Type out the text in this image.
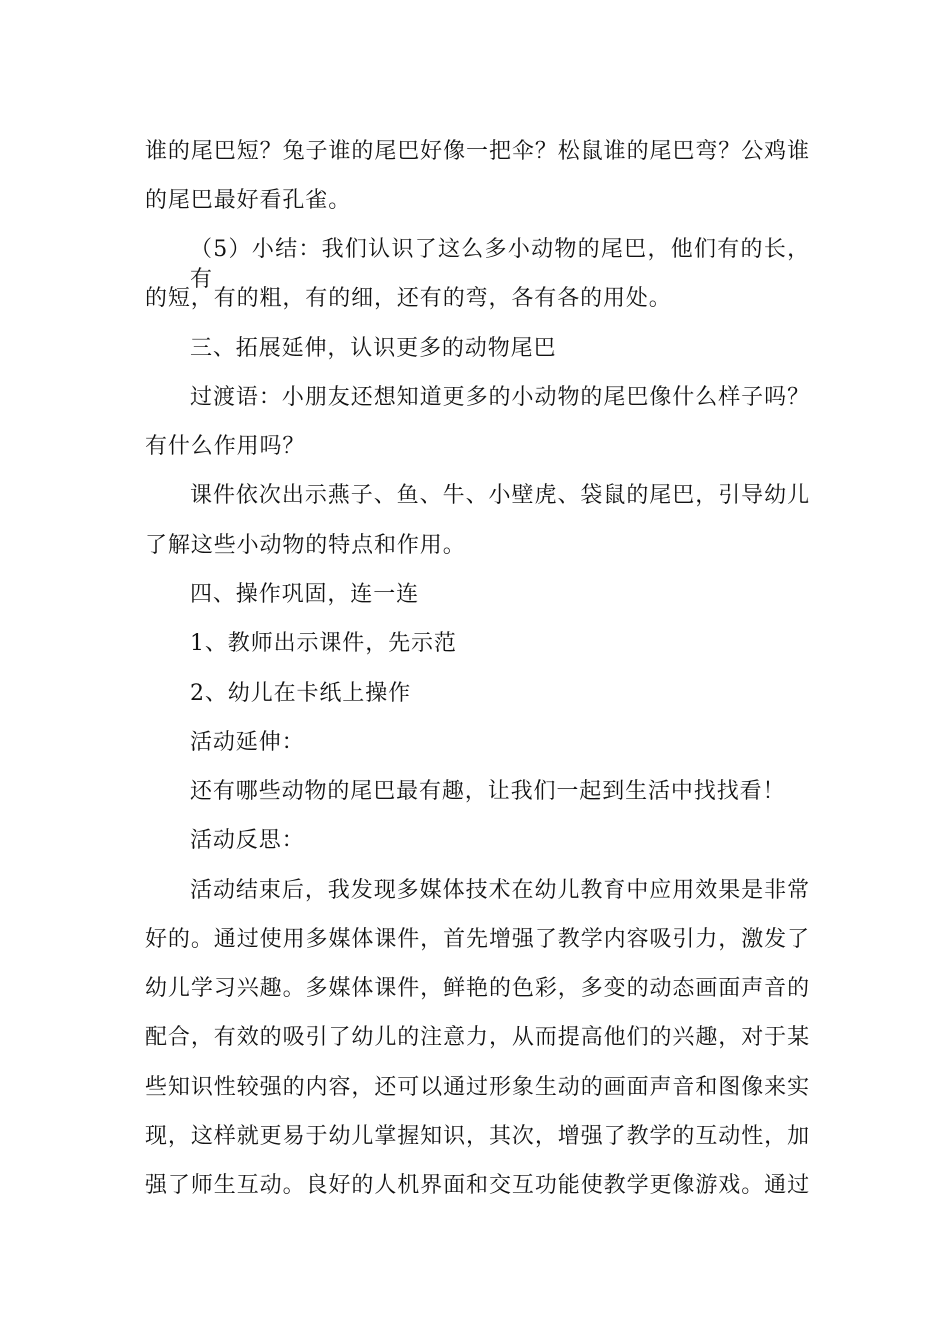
谁的尾巴短？兔子谁的尾巴好像一把伞？松鼠谁的尾巴弯？公鸡谁
的尾巴最好看孔雀。
（5）小结：我们认识了这么多小动物的尾巴，他们有的长，有
的短，有的粗，有的细，还有的弯，各有各的用处。
三、拓展延伸，认识更多的动物尾巴
过渡语：小朋友还想知道更多的小动物的尾巴像什么样子吗？
有什么作用吗？
课件依次出示燕子、鱼、牛、小壁虎、袋鼠的尾巴，引导幼儿
了解这些小动物的特点和作用。
四、操作巩固，连一连
1、教师出示课件，先示范
2、幼儿在卡纸上操作
活动延伸：
还有哪些动物的尾巴最有趣，让我们一起到生活中找找看！
活动反思：
活动结束后，我发现多媒体技术在幼儿教育中应用效果是非常
好的。通过使用多媒体课件，首先增强了教学内容吸引力，激发了
幼儿学习兴趣。多媒体课件，鲜艳的色彩，多变的动态画面声音的
配合，有效的吸引了幼儿的注意力，从而提高他们的兴趣，对于某
些知识性较强的内容，还可以通过形象生动的画面声音和图像来实
现，这样就更易于幼儿掌握知识，其次，增强了教学的互动性，加
强了师生互动。良好的人机界面和交互功能使教学更像游戏。通过
